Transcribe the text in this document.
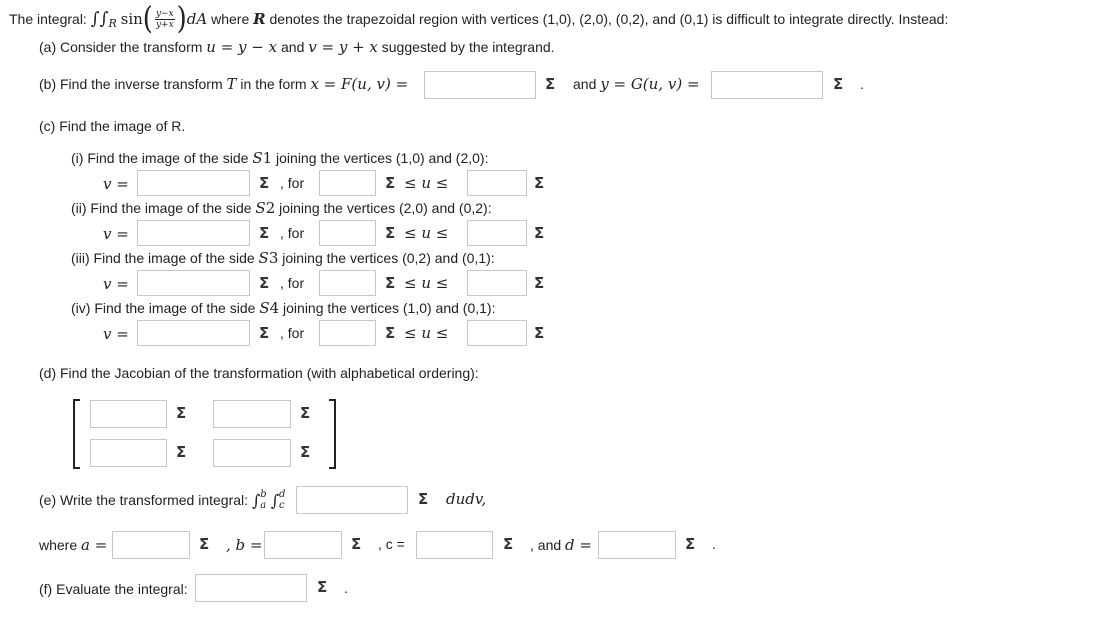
The integral:
$\int\int_R$
sin ( $\frac{y-x}{y+x}$ ) dA
where
R
denotes the trapezoidal region with vertices (1,0), (2,0), (0,2), and (0,1) is difficult to integrate directly. Instead:
(a) Consider the transform
u = y − x
and
v = y + x
suggested by the integrand.
(b) Find the inverse transform
T
in the form
x = F(u, v) =	Σ and
y = G(u, v) =	Σ .
(c) Find the image of R.
(i) Find the image of the side
S 1
joining the vertices (1,0) and (2,0):
v =	Σ , for	Σ ≤ u ≤	Σ
(ii) Find the image of the side
S 2
joining the vertices (2,0) and (0,2):
v =	Σ , for	Σ ≤ u ≤	Σ
(iii) Find the image of the side
S 3
joining the vertices (0,2) and (0,1):
v =	Σ , for	Σ ≤ u ≤	Σ
(iv) Find the image of the side
S 4
joining the vertices (1,0) and (0,1):
v =	Σ , for	Σ ≤ u ≤	Σ
(d) Find the Jacobian of the transformation (with alphabetical ordering):
Σ	Σ
Σ	Σ
(e) Write the transformed integral:
∫ b
a ∫ d
c	Σ dudv,
where
a =	Σ , b =	Σ , c =	Σ , and
d =	Σ .
(f) Evaluate the integral:	Σ .
